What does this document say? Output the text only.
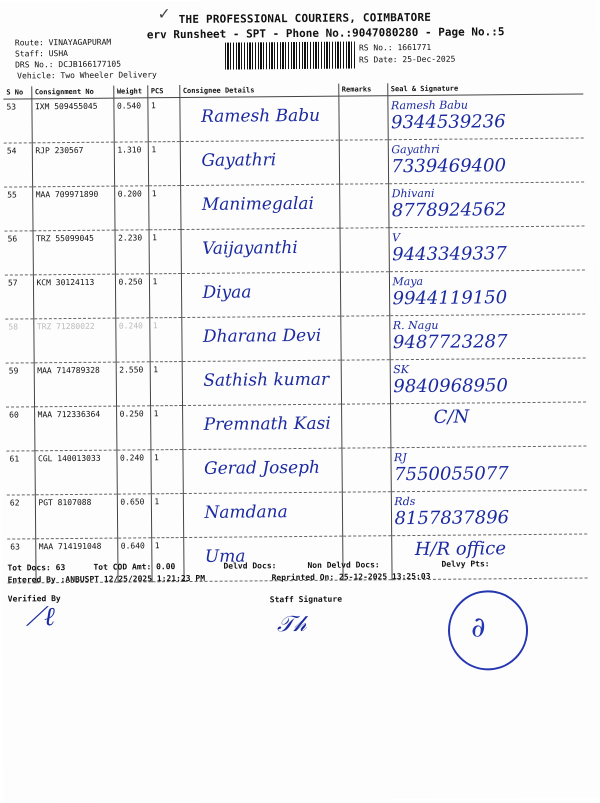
✓ THE PROFESSIONAL COURIERS, COIMBATORE
erv Runsheet - SPT - Phone No.:9047080280 - Page No.:5
Route: VINAYAGAPURAM
Staff: USHA
DRS No.: DCJB166177105
Vehicle: Two Wheeler Delivery
RS No.: 1661771
RS Date: 25-Dec-2025
S No	Consignment No	Weight	PCS	Consignee Details	Remarks	Seal & Signature
53	IXM 509455045	0.540	1	Ramesh Babu		Ramesh Babu
9344539236

54	RJP 230567	1.310	1	Gayathri		Gayathri
7339469400

55	MAA 709971890	0.200	1	Manimegalai		Dhivani
8778924562

56	TRZ 55099045	2.230	1	Vaijayanthi		V
9443349337

57	KCM 30124113	0.250	1	Diyaa		Maya
9944119150

58	TRZ 71280022	0.240	1	Dharana Devi		R. Nagu
9487723287

59	MAA 714789328	2.550	1	Sathish kumar		SK
9840968950

60	MAA 712336364	0.250	1	Premnath Kasi		C/N

61	CGL 140013033	0.240	1	Gerad Joseph		RJ
7550055077

62	PGT 8107088	0.650	1	Namdana		Rds
8157837896

63	MAA 714191048	0.640	1	Uma		H/R office
Tot Docs: 63	Tot COD Amt: 0.00	Delvd Docs:	Non Delvd Docs:	Delvy Pts:
Entered By :ANBUSPT 12/25/2025 1:21:23 PM	Reprinted On: 25-12-2025 13:25:03
Verified By	Staff Signature
⟋ℓ	𝒯𝒽	∂
